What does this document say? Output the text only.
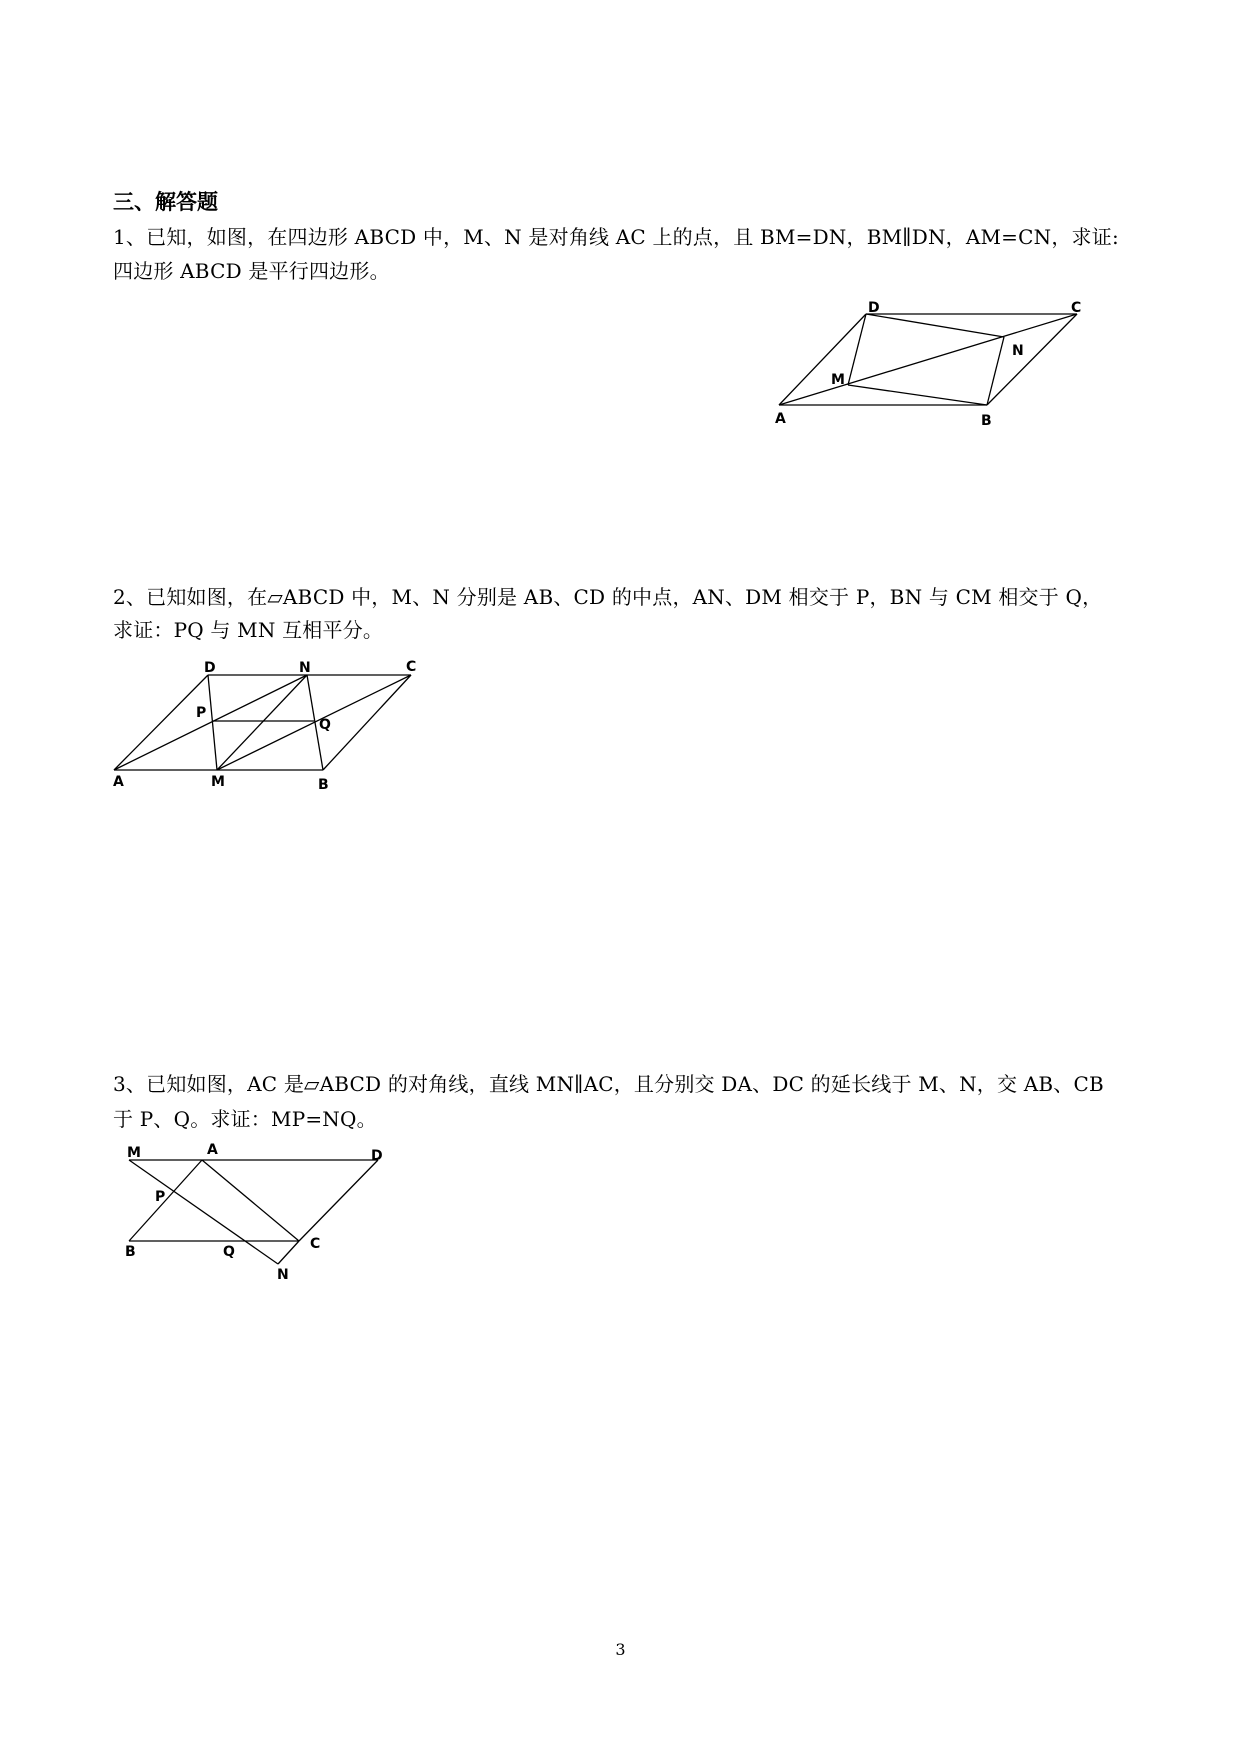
三、解答题
1、已知，如图，在四边形 ABCD 中，M、N 是对角线 AC 上的点，且 BM=DN，BM∥DN，AM=CN，求证:
四边形 ABCD 是平行四边形。
D	C
N
M
A	B
2、已知如图，在▱ABCD 中，M、N 分别是 AB、CD 的中点，AN、DM 相交于 P，BN 与 CM 相交于 Q，
求证：PQ 与 MN 互相平分。
D	N	C
P
Q
A	M	B
3、已知如图，AC 是▱ABCD 的对角线，直线 MN∥AC，且分别交 DA、DC 的延长线于 M、N，交 AB、CB
于 P、Q。求证：MP=NQ。
M	A	D
P
B	Q	C
N
3
